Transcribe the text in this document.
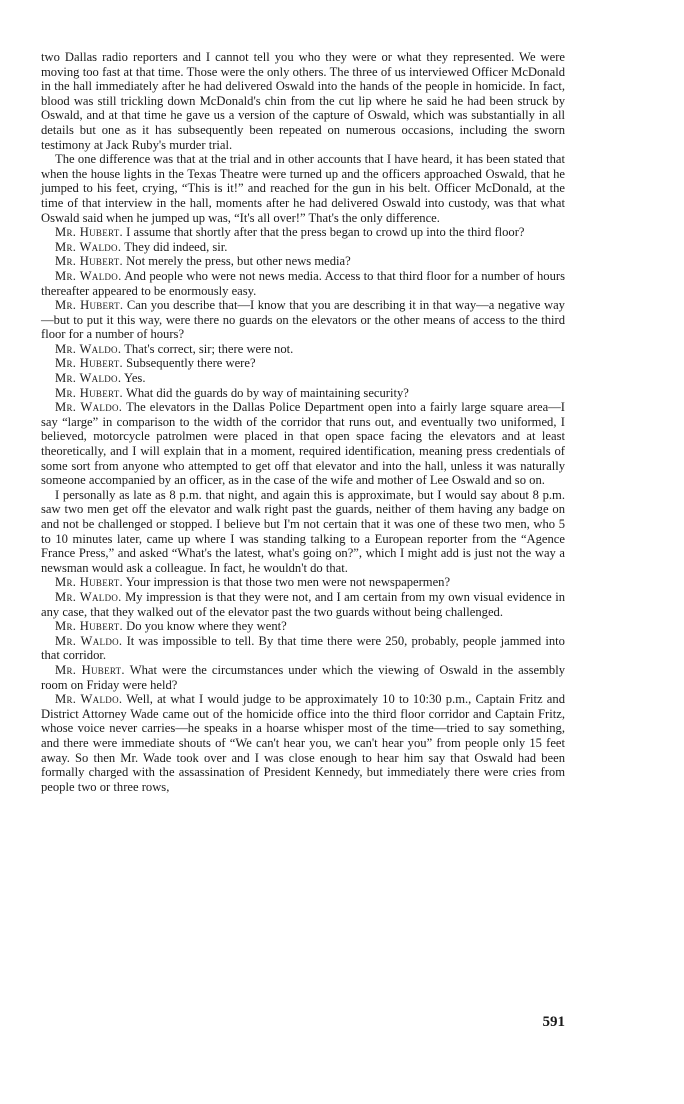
two Dallas radio reporters and I cannot tell you who they were or what they represented. We were moving too fast at that time. Those were the only others. The three of us interviewed Officer McDonald in the hall immediately after he had delivered Oswald into the hands of the people in homicide. In fact, blood was still trickling down McDonald's chin from the cut lip where he said he had been struck by Oswald, and at that time he gave us a version of the capture of Oswald, which was substantially in all details but one as it has subsequently been repeated on numerous occasions, including the sworn testimony at Jack Ruby's murder trial.

The one difference was that at the trial and in other accounts that I have heard, it has been stated that when the house lights in the Texas Theatre were turned up and the officers approached Oswald, that he jumped to his feet, crying, “This is it!” and reached for the gun in his belt. Officer McDonald, at the time of that interview in the hall, moments after he had delivered Oswald into custody, was that what Oswald said when he jumped up was, “It's all over!” That's the only difference.

Mr. Hubert. I assume that shortly after that the press began to crowd up into the third floor?

Mr. Waldo. They did indeed, sir.

Mr. Hubert. Not merely the press, but other news media?

Mr. Waldo. And people who were not news media. Access to that third floor for a number of hours thereafter appeared to be enormously easy.

Mr. Hubert. Can you describe that—I know that you are describing it in that way—a negative way—but to put it this way, were there no guards on the elevators or the other means of access to the third floor for a number of hours?

Mr. Waldo. That's correct, sir; there were not.

Mr. Hubert. Subsequently there were?

Mr. Waldo. Yes.

Mr. Hubert. What did the guards do by way of maintaining security?

Mr. Waldo. The elevators in the Dallas Police Department open into a fairly large square area—I say “large” in comparison to the width of the corridor that runs out, and eventually two uniformed, I believed, motorcycle patrolmen were placed in that open space facing the elevators and at least theoretically, and I will explain that in a moment, required identification, meaning press credentials of some sort from anyone who attempted to get off that elevator and into the hall, unless it was naturally someone accompanied by an officer, as in the case of the wife and mother of Lee Oswald and so on.

I personally as late as 8 p.m. that night, and again this is approximate, but I would say about 8 p.m. saw two men get off the elevator and walk right past the guards, neither of them having any badge on and not be challenged or stopped. I believe but I'm not certain that it was one of these two men, who 5 to 10 minutes later, came up where I was standing talking to a European reporter from the “Agence France Press,” and asked “What's the latest, what's going on?”, which I might add is just not the way a newsman would ask a colleague. In fact, he wouldn't do that.

Mr. Hubert. Your impression is that those two men were not newspapermen?

Mr. Waldo. My impression is that they were not, and I am certain from my own visual evidence in any case, that they walked out of the elevator past the two guards without being challenged.

Mr. Hubert. Do you know where they went?

Mr. Waldo. It was impossible to tell. By that time there were 250, probably, people jammed into that corridor.

Mr. Hubert. What were the circumstances under which the viewing of Oswald in the assembly room on Friday were held?

Mr. Waldo. Well, at what I would judge to be approximately 10 to 10:30 p.m., Captain Fritz and District Attorney Wade came out of the homicide office into the third floor corridor and Captain Fritz, whose voice never carries—he speaks in a hoarse whisper most of the time—tried to say something, and there were immediate shouts of “We can't hear you, we can't hear you” from people only 15 feet away. So then Mr. Wade took over and I was close enough to hear him say that Oswald had been formally charged with the assassination of President Kennedy, but immediately there were cries from people two or three rows,

591
